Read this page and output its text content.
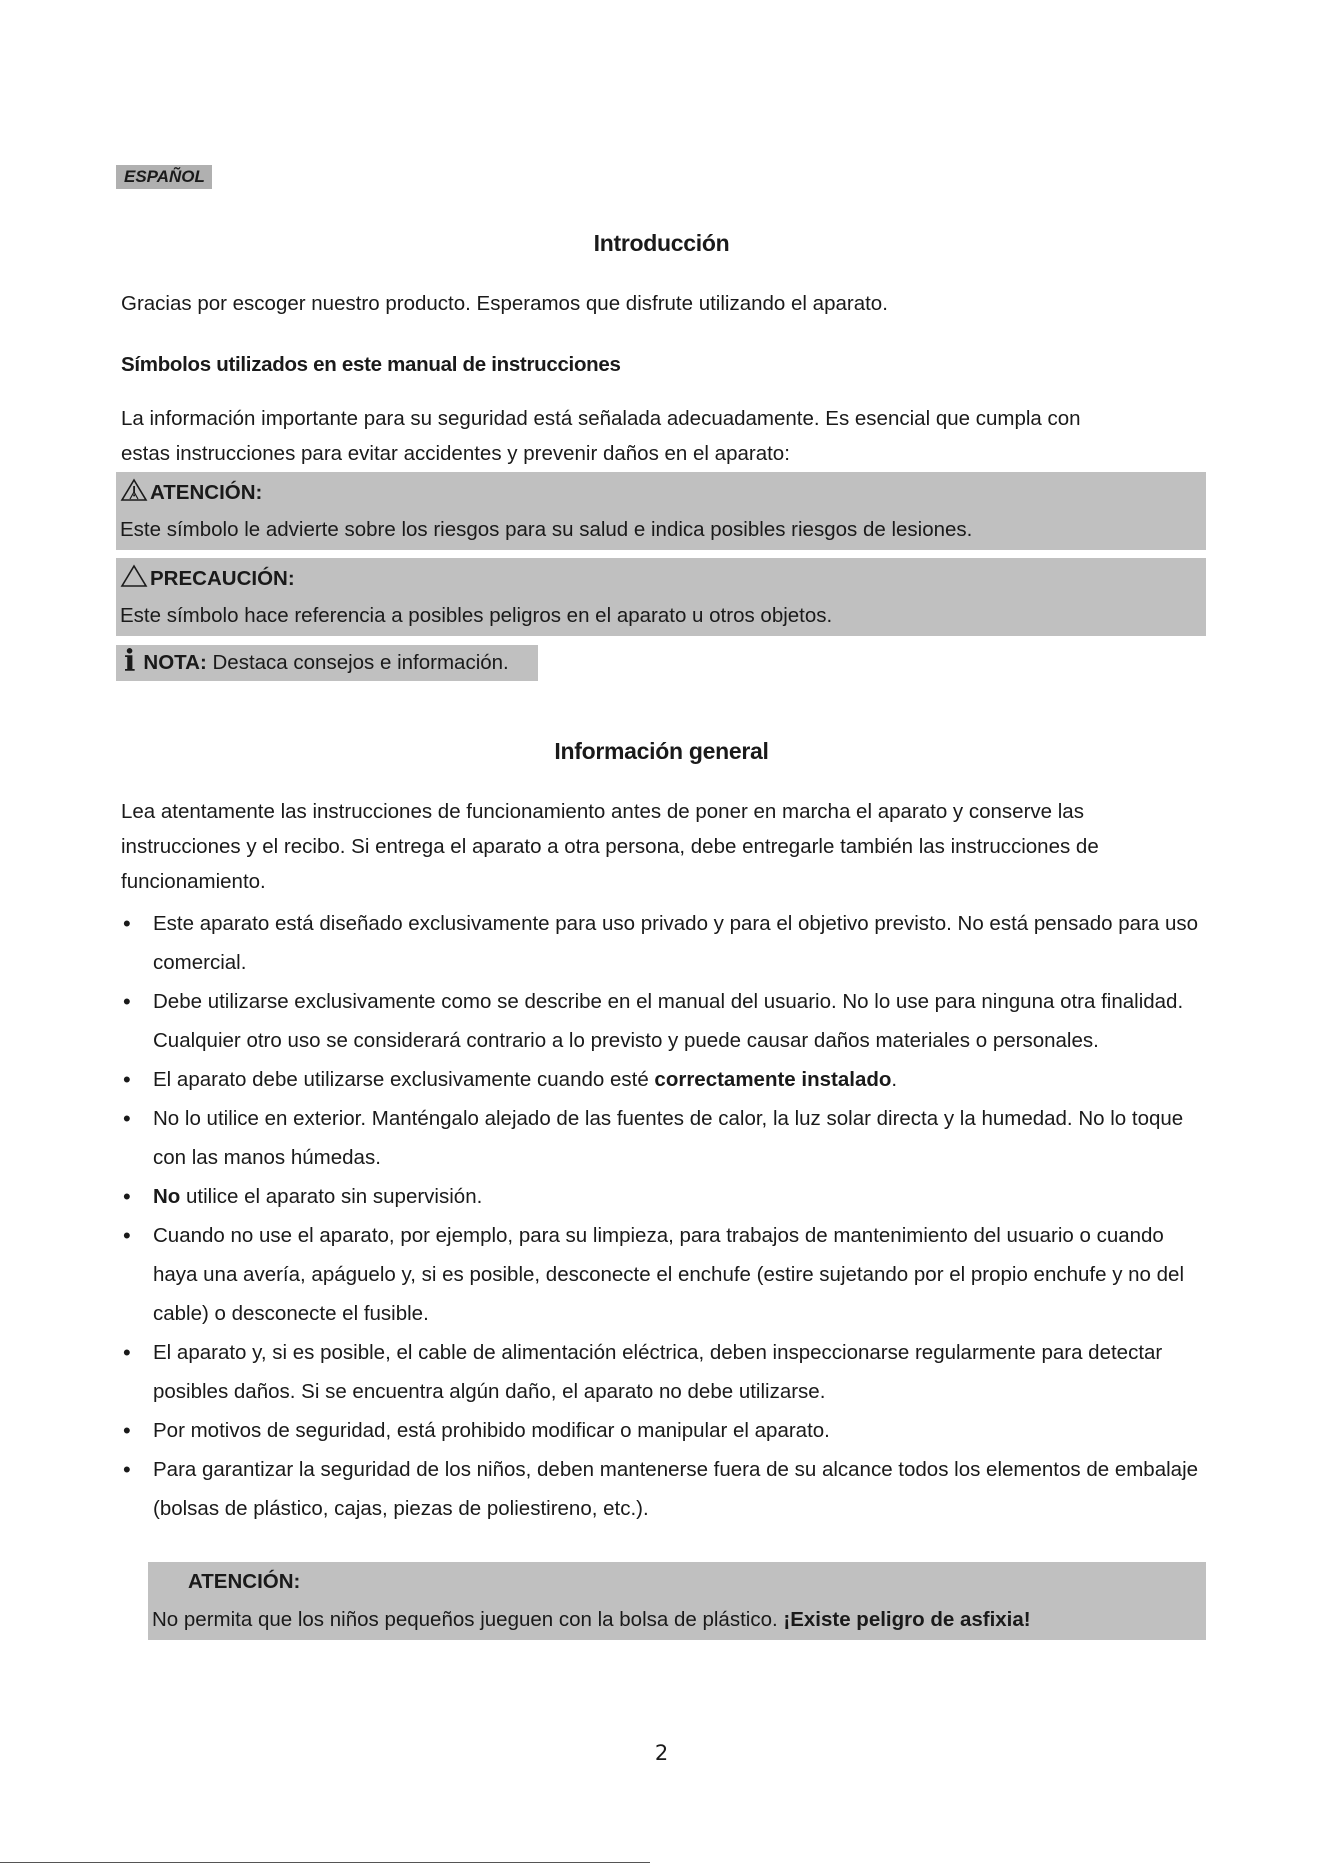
ESPAÑOL
Introducción
Gracias por escoger nuestro producto. Esperamos que disfrute utilizando el aparato.
Símbolos utilizados en este manual de instrucciones
La información importante para su seguridad está señalada adecuadamente. Es esencial que cumpla con
estas instrucciones para evitar accidentes y prevenir daños en el aparato:
ATENCIÓN:
Este símbolo le advierte sobre los riesgos para su salud e indica posibles riesgos de lesiones.
PRECAUCIÓN:
Este símbolo hace referencia a posibles peligros en el aparato u otros objetos.
i NOTA: Destaca consejos e información.
Información general
Lea atentamente las instrucciones de funcionamiento antes de poner en marcha el aparato y conserve las
instrucciones y el recibo. Si entrega el aparato a otra persona, debe entregarle también las instrucciones de
funcionamiento.
• Este aparato está diseñado exclusivamente para uso privado y para el objetivo previsto. No está pensado para uso comercial.
• Debe utilizarse exclusivamente como se describe en el manual del usuario. No lo use para ninguna otra finalidad. Cualquier otro uso se considerará contrario a lo previsto y puede causar daños materiales o personales.
• El aparato debe utilizarse exclusivamente cuando esté correctamente instalado.
• No lo utilice en exterior. Manténgalo alejado de las fuentes de calor, la luz solar directa y la humedad. No lo toque con las manos húmedas.
• No utilice el aparato sin supervisión.
• Cuando no use el aparato, por ejemplo, para su limpieza, para trabajos de mantenimiento del usuario o cuando haya una avería, apáguelo y, si es posible, desconecte el enchufe (estire sujetando por el propio enchufe y no del cable) o desconecte el fusible.
• El aparato y, si es posible, el cable de alimentación eléctrica, deben inspeccionarse regularmente para detectar posibles daños. Si se encuentra algún daño, el aparato no debe utilizarse.
• Por motivos de seguridad, está prohibido modificar o manipular el aparato.
• Para garantizar la seguridad de los niños, deben mantenerse fuera de su alcance todos los elementos de embalaje (bolsas de plástico, cajas, piezas de poliestireno, etc.).
ATENCIÓN:
No permita que los niños pequeños jueguen con la bolsa de plástico. ¡Existe peligro de asfixia!
2
